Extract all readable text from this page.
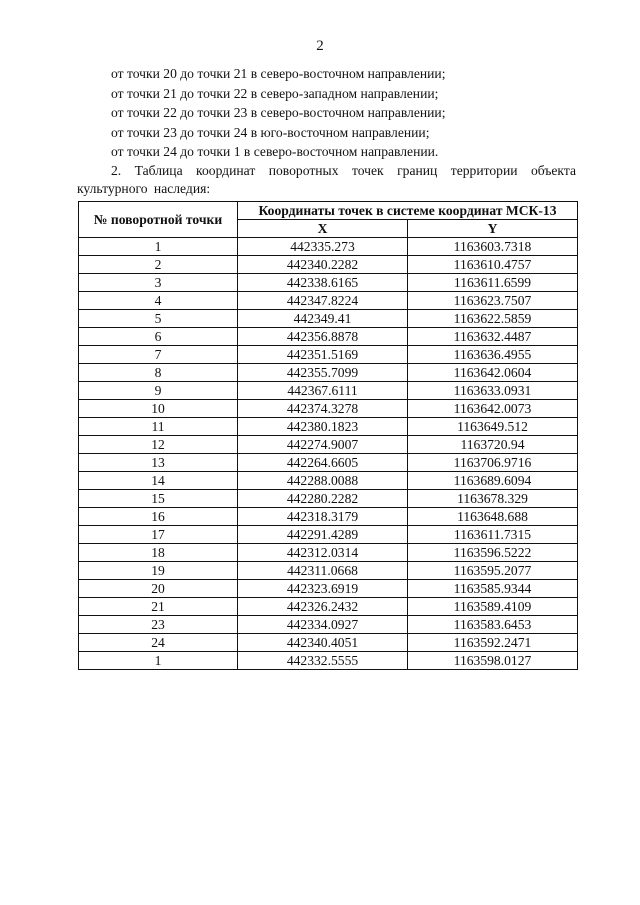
2
от точки 20 до точки 21 в северо-восточном направлении;
от точки 21 до точки 22 в северо-западном направлении;
от точки 22 до точки 23 в северо-восточном направлении;
от точки 23 до точки 24 в юго-восточном направлении;
от точки 24 до точки 1 в северо-восточном направлении.
2. Таблица координат поворотных точек границ территории объекта культурного наследия:
№ поворотной точки	Координаты точек в системе координат МСК-13	
	X	Y
1	442335.273	1163603.7318
2	442340.2282	1163610.4757
3	442338.6165	1163611.6599
4	442347.8224	1163623.7507
5	442349.41	1163622.5859
6	442356.8878	1163632.4487
7	442351.5169	1163636.4955
8	442355.7099	1163642.0604
9	442367.6111	1163633.0931
10	442374.3278	1163642.0073
11	442380.1823	1163649.512
12	442274.9007	1163720.94
13	442264.6605	1163706.9716
14	442288.0088	1163689.6094
15	442280.2282	1163678.329
16	442318.3179	1163648.688
17	442291.4289	1163611.7315
18	442312.0314	1163596.5222
19	442311.0668	1163595.2077
20	442323.6919	1163585.9344
21	442326.2432	1163589.4109
23	442334.0927	1163583.6453
24	442340.4051	1163592.2471
1	442332.5555	1163598.0127
